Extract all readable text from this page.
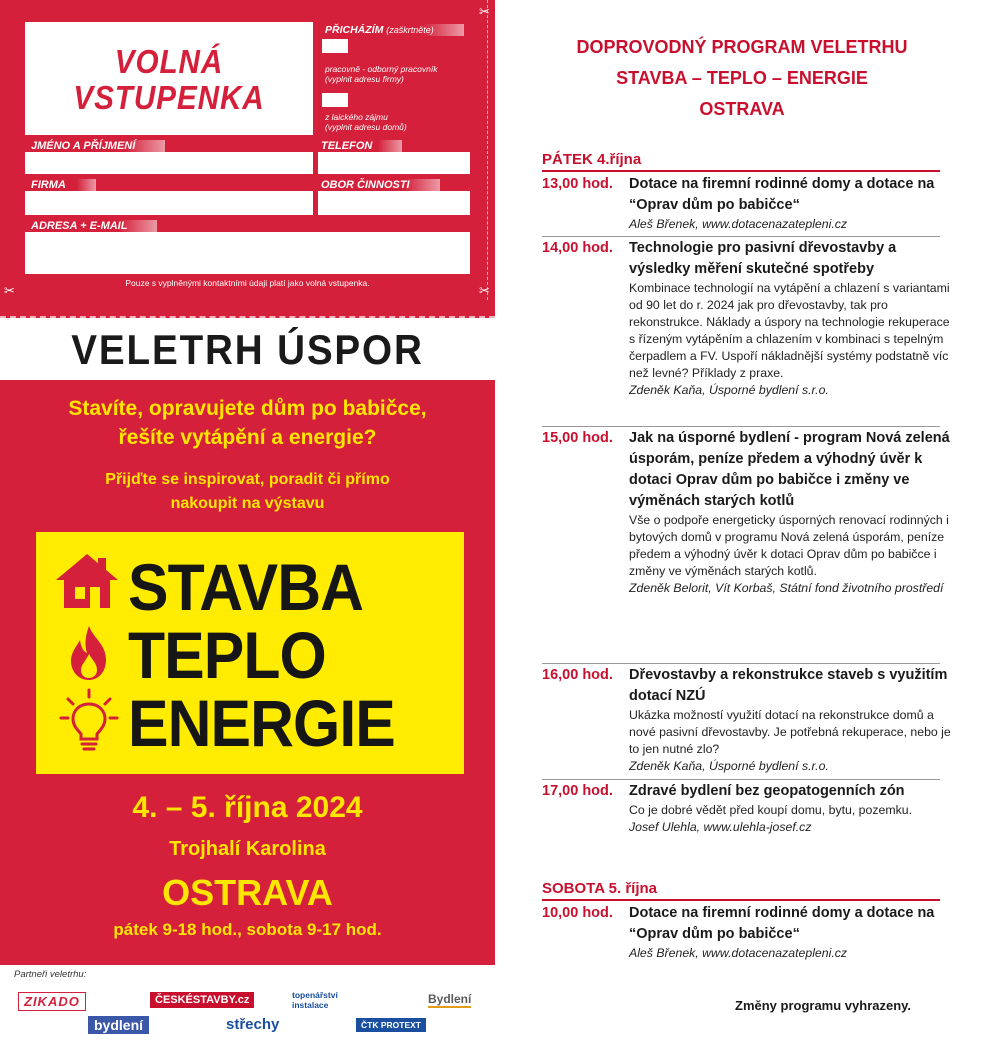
✂
✂	✂
VOLNÁ
VSTUPENKA
PŘICHÁZÍM (zaškrtněte)
pracovně - odborný pracovník
(vyplnit adresu firmy)
z laického zájmu
(vyplnit adresu domů)
JMÉNO A PŘÍJMENÍ	TELEFON
FIRMA	OBOR ČINNOSTI
ADRESA + E-MAIL
Pouze s vyplněnými kontaktními údaji platí jako volná vstupenka.
VELETRH ÚSPOR
Stavíte, opravujete dům po babičce,
řešíte vytápění a energie?
Přijďte se inspirovat, poradit či přímo
nakoupit na výstavu
STAVBA
TEPLO
ENERGIE
4. – 5. října 2024
Trojhalí Karolina
OSTRAVA
pátek 9-18 hod., sobota 9-17 hod.
Partneři veletrhu:
ZIKADO	ČESKÉSTAVBY.cz	topenářství instalace	Bydlení
bydlení	střechy	ČTK PROTEXT
DOPROVODNÝ PROGRAM VELETRHU
STAVBA – TEPLO – ENERGIE
OSTRAVA
PÁTEK 4.října
13,00 hod. Dotace na firemní rodinné domy a dotace na “Oprav dům po babičce“
Aleš Břenek, www.dotacenazatepleni.cz
14,00 hod. Technologie pro pasivní dřevostavby a výsledky měření skutečné spotřeby
Kombinace technologií na vytápění a chlazení s variantami od 90 let do r. 2024 jak pro dřevostavby, tak pro rekonstrukce. Náklady a úspory na technologie rekuperace s řízeným vytápěním a chlazením v kombinaci s tepelným čerpadlem a FV. Uspoří nákladnější systémy podstatně víc než levné? Příklady z praxe.
Zdeněk Kaňa, Úsporné bydlení s.r.o.
15,00 hod. Jak na úsporné bydlení - program Nová zelená úsporám, peníze předem a výhodný úvěr k dotaci Oprav dům po babičce i změny ve výměnách starých kotlů
Vše o podpoře energeticky úsporných renovací rodinných i bytových domů v programu Nová zelená úsporám, peníze předem a výhodný úvěr k dotaci Oprav dům po babičce i změny ve výměnách starých kotlů.
Zdeněk Belorit, Vít Korbaš, Státní fond životního prostředí
16,00 hod. Dřevostavby a rekonstrukce staveb s využitím dotací NZÚ
Ukázka možností využití dotací na rekonstrukce domů a nové pasivní dřevostavby. Je potřebná rekuperace, nebo je to jen nutné zlo?
Zdeněk Kaňa, Úsporné bydlení s.r.o.
17,00 hod. Zdravé bydlení bez geopatogenních zón
Co je dobré vědět před koupí domu, bytu, pozemku.
Josef Ulehla, www.ulehla-josef.cz
SOBOTA 5. října
10,00 hod. Dotace na firemní rodinné domy a dotace na “Oprav dům po babičce“
Aleš Břenek, www.dotacenazatepleni.cz
Změny programu vyhrazeny.
